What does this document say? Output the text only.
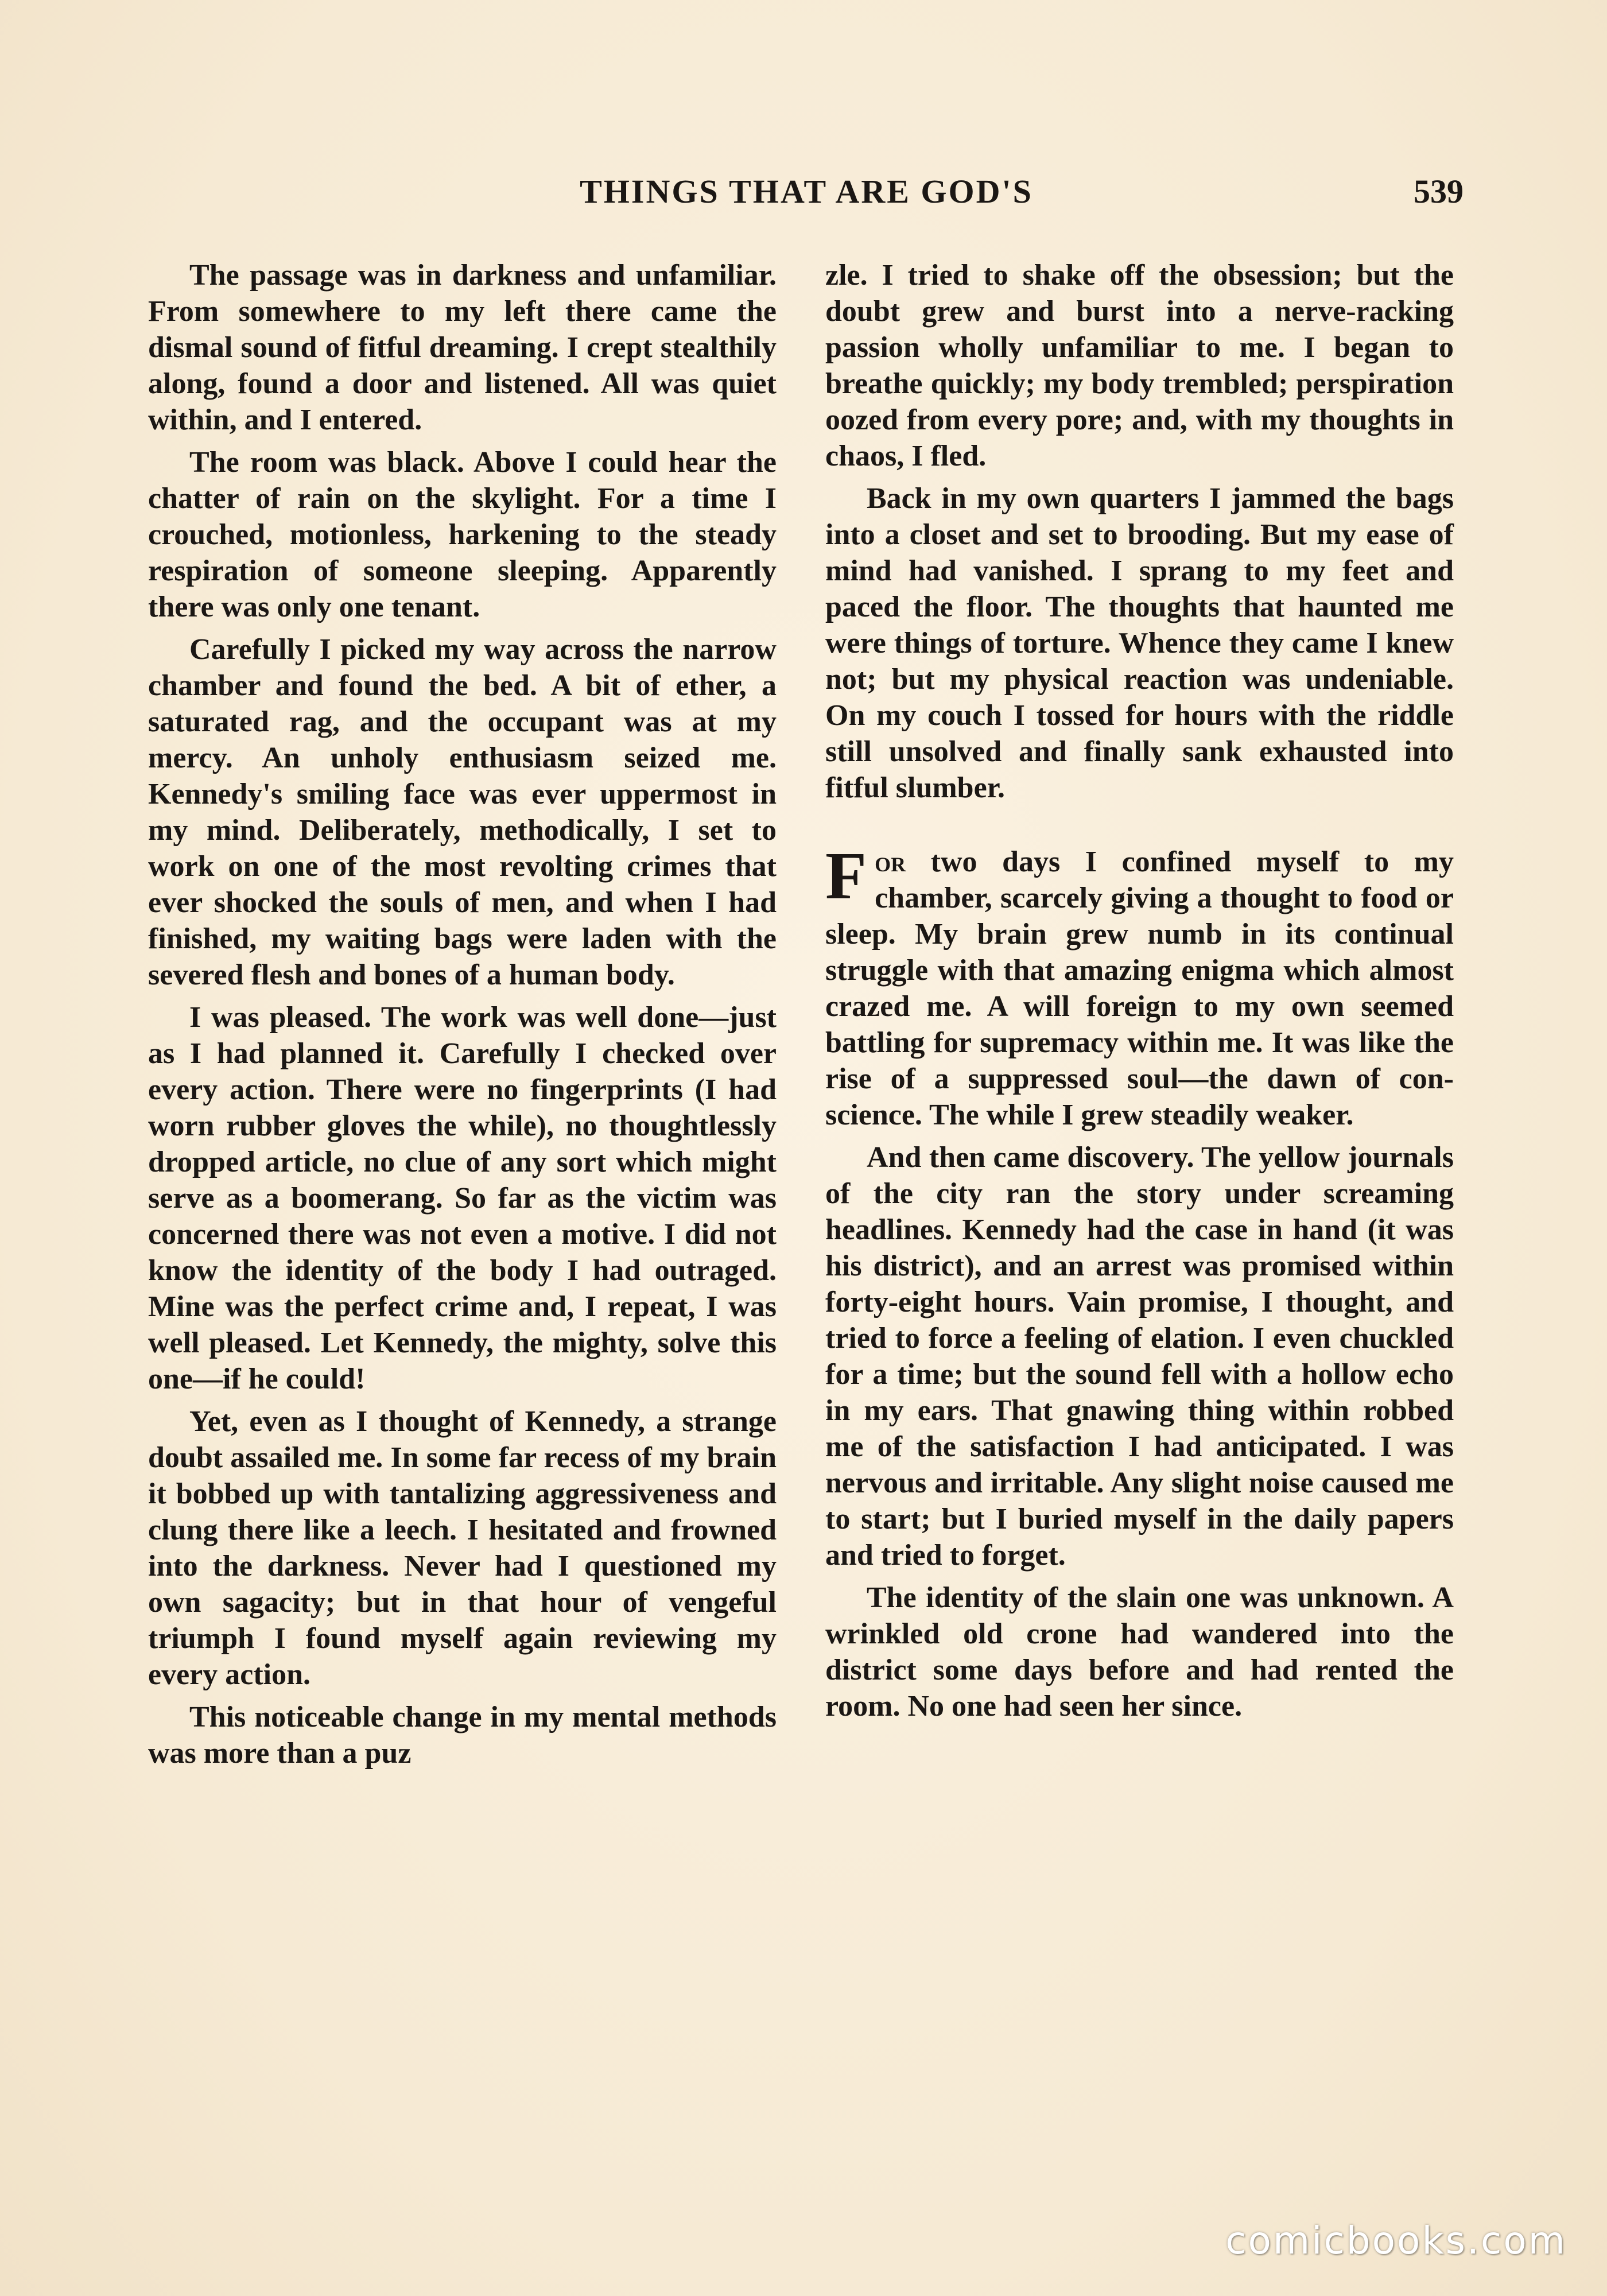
THINGS THAT ARE GOD'S	539

The passage was in darkness and unfamiliar. From somewhere to my left there came the dismal sound of fitful dreaming. I crept stealthily along, found a door and listened. All was quiet within, and I entered.

The room was black. Above I could hear the chatter of rain on the skylight. For a time I crouched, motionless, harkening to the steady respiration of someone sleeping. Apparently there was only one tenant.

Carefully I picked my way across the narrow chamber and found the bed. A bit of ether, a saturated rag, and the occupant was at my mercy. An unholy enthusiasm seized me. Kennedy's smiling face was ever uppermost in my mind. Deliberately, methodically, I set to work on one of the most revolting crimes that ever shocked the souls of men, and when I had finished, my waiting bags were laden with the severed flesh and bones of a human body.

I was pleased. The work was well done—just as I had planned it. Carefully I checked over every action. There were no fingerprints (I had worn rubber gloves the while), no thoughtlessly dropped article, no clue of any sort which might serve as a boomerang. So far as the victim was concerned there was not even a motive. I did not know the identity of the body I had outraged. Mine was the perfect crime and, I repeat, I was well pleased. Let Kennedy, the mighty, solve this one—if he could!

Yet, even as I thought of Kennedy, a strange doubt assailed me. In some far recess of my brain it bobbed up with tantalizing aggressiveness and clung there like a leech. I hesitated and frowned into the darkness. Never had I questioned my own sagacity; but in that hour of vengeful triumph I found myself again reviewing my every action.

This noticeable change in my mental methods was more than a puz

zle. I tried to shake off the obsession; but the doubt grew and burst into a nerve-racking passion wholly unfamiliar to me. I began to breathe quickly; my body trembled; perspiration oozed from every pore; and, with my thoughts in chaos, I fled.

Back in my own quarters I jammed the bags into a closet and set to brooding. But my ease of mind had vanished. I sprang to my feet and paced the floor. The thoughts that haunted me were things of torture. Whence they came I knew not; but my physical reaction was undeniable. On my couch I tossed for hours with the riddle still unsolved and finally sank exhausted into fitful slumber.

For two days I confined myself to my chamber, scarcely giving a thought to food or sleep. My brain grew numb in its continual struggle with that amazing enigma which almost crazed me. A will foreign to my own seemed battling for supremacy within me. It was like the rise of a suppressed soul—the dawn of conscience. The while I grew steadily weaker.

And then came discovery. The yellow journals of the city ran the story under screaming headlines. Kennedy had the case in hand (it was his district), and an arrest was promised within forty-eight hours. Vain promise, I thought, and tried to force a feeling of elation. I even chuckled for a time; but the sound fell with a hollow echo in my ears. That gnawing thing within robbed me of the satisfaction I had anticipated. I was nervous and irritable. Any slight noise caused me to start; but I buried myself in the daily papers and tried to forget.

The identity of the slain one was unknown. A wrinkled old crone had wandered into the district some days before and had rented the room. No one had seen her since.

comicbooks.com
